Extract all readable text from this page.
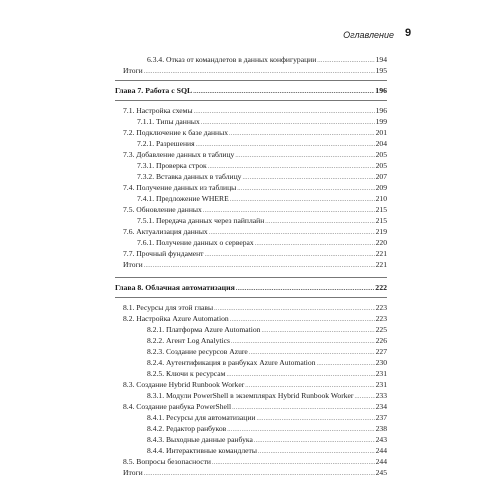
Оглавление 9
6.3.4. Отказ от командлетов в данных конфигурации .....	194
Итоги .....	195
Глава 7. Работа с SQL .....	196
7.1. Настройка схемы .....	196
7.1.1. Типы данных .....	199
7.2. Подключение к базе данных .....	201
7.2.1. Разрешения .....	204
7.3. Добавление данных в таблицу .....	205
7.3.1. Проверка строк .....	205
7.3.2. Вставка данных в таблицу .....	207
7.4. Получение данных из таблицы .....	209
7.4.1. Предложение WHERE .....	210
7.5. Обновление данных .....	215
7.5.1. Передача данных через пайплайн .....	215
7.6. Актуализация данных .....	219
7.6.1. Получение данных о серверах .....	220
7.7. Прочный фундамент .....	221
Итоги .....	221
Глава 8. Облачная автоматизация .....	222
8.1. Ресурсы для этой главы .....	223
8.2. Настройка Azure Automation .....	223
8.2.1. Платформа Azure Automation .....	225
8.2.2. Агент Log Analytics .....	226
8.2.3. Создание ресурсов Azure .....	227
8.2.4. Аутентификация в ранбуках Azure Automation .....	230
8.2.5. Ключи к ресурсам .....	231
8.3. Создание Hybrid Runbook Worker .....	231
8.3.1. Модули PowerShell в экземплярах Hybrid Runbook Worker .....	233
8.4. Создание ранбука PowerShell .....	234
8.4.1. Ресурсы для автоматизации .....	237
8.4.2. Редактор ранбуков .....	238
8.4.3. Выходные данные ранбука .....	243
8.4.4. Интерактивные командлеты .....	244
8.5. Вопросы безопасности .....	244
Итоги .....	245
